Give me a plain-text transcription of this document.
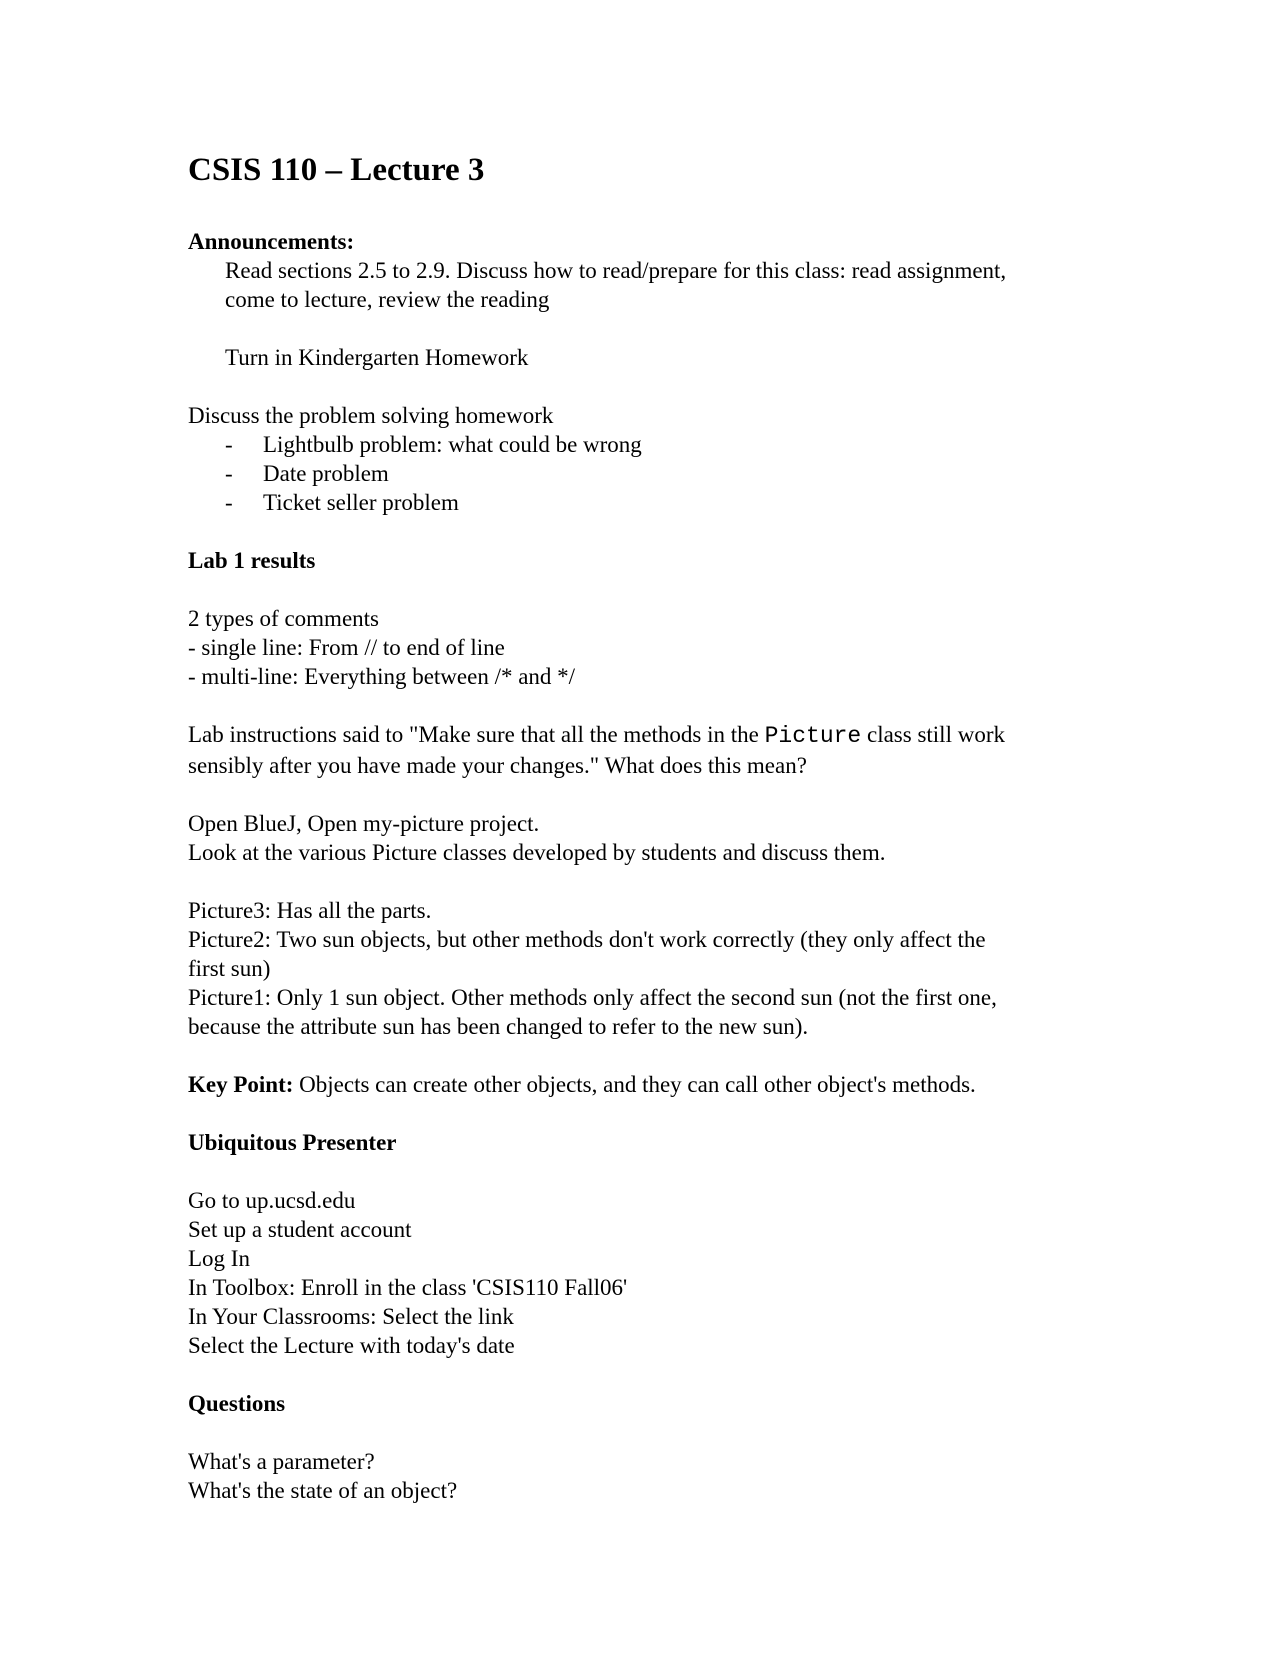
CSIS 110 – Lecture 3
Announcements:
Read sections 2.5 to 2.9. Discuss how to read/prepare for this class: read assignment,
come to lecture, review the reading
Turn in Kindergarten Homework
Discuss the problem solving homework
-	Lightbulb problem: what could be wrong
-	Date problem
-	Ticket seller problem
Lab 1 results
2 types of comments
- single line: From // to end of line
- multi-line: Everything between /* and */
Lab instructions said to "Make sure that all the methods in the Picture class still work
sensibly after you have made your changes." What does this mean?
Open BlueJ, Open my-picture project.
Look at the various Picture classes developed by students and discuss them.
Picture3: Has all the parts.
Picture2: Two sun objects, but other methods don't work correctly (they only affect the
first sun)
Picture1: Only 1 sun object. Other methods only affect the second sun (not the first one,
because the attribute sun has been changed to refer to the new sun).
Key Point: Objects can create other objects, and they can call other object's methods.
Ubiquitous Presenter
Go to up.ucsd.edu
Set up a student account
Log In
In Toolbox: Enroll in the class 'CSIS110 Fall06'
In Your Classrooms: Select the link
Select the Lecture with today's date
Questions
What's a parameter?
What's the state of an object?
